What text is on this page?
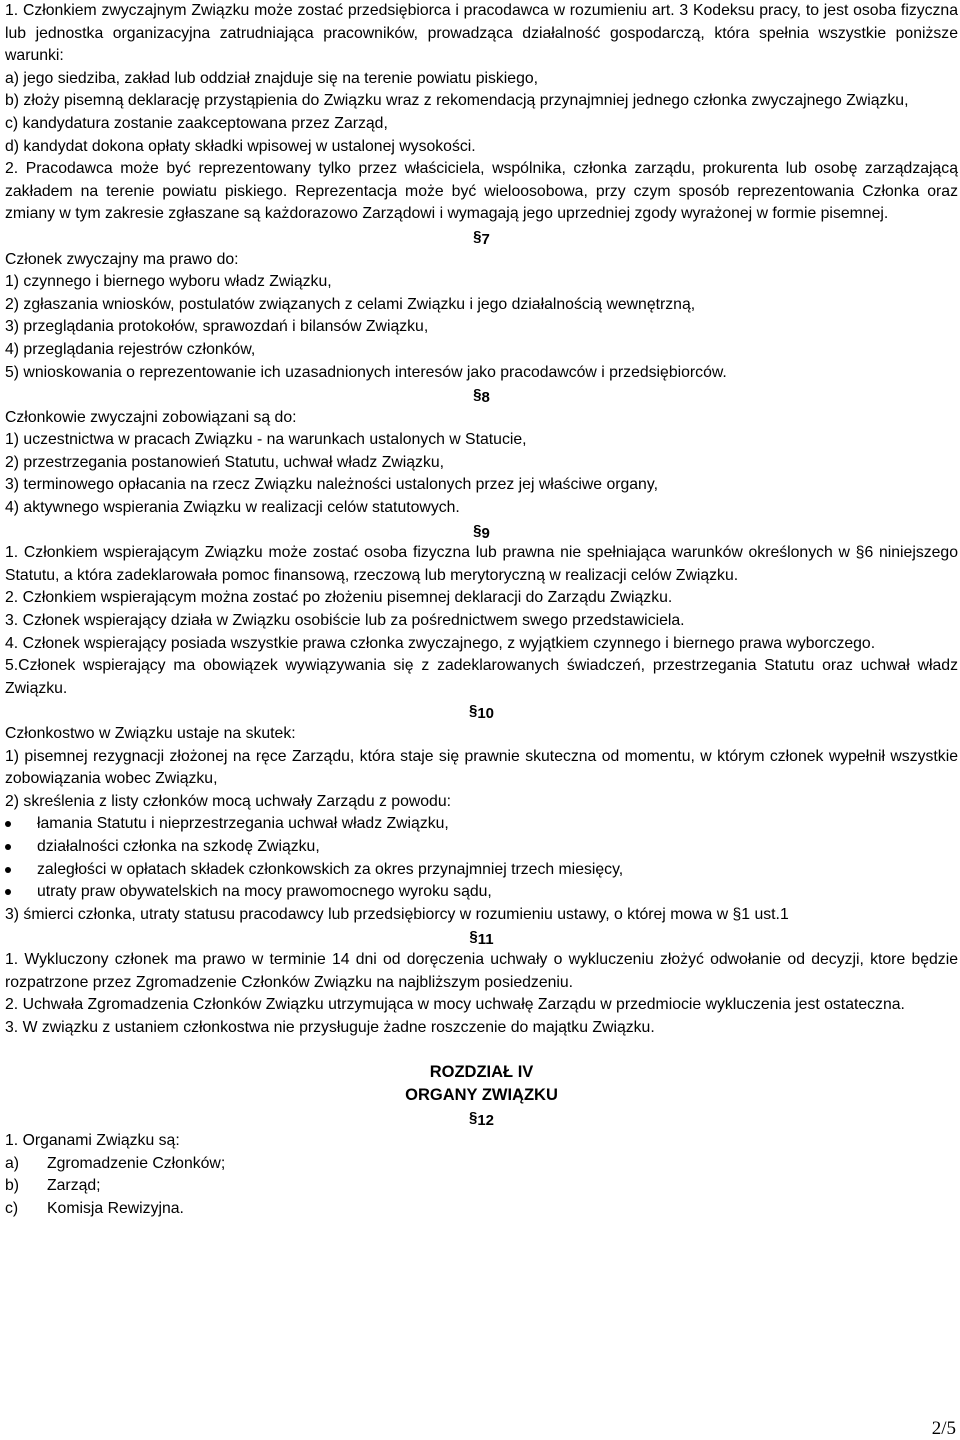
1. Członkiem zwyczajnym Związku może zostać przedsiębiorca i pracodawca w rozumieniu art. 3 Kodeksu pracy, to jest osoba fizyczna lub jednostka organizacyjna zatrudniająca pracowników, prowadząca działalność gospodarczą, która spełnia wszystkie poniższe warunki:

a) jego siedziba, zakład lub oddział znajduje się na terenie powiatu piskiego,

b) złoży pisemną deklarację przystąpienia do Związku wraz z rekomendacją przynajmniej jednego członka zwyczajnego Związku,

c) kandydatura zostanie zaakceptowana przez Zarząd,

d) kandydat dokona opłaty składki wpisowej w ustalonej wysokości.

2. Pracodawca może być reprezentowany tylko przez właściciela, wspólnika, członka zarządu, prokurenta lub osobę zarządzającą zakładem na terenie powiatu piskiego. Reprezentacja może być wieloosobowa, przy czym sposób reprezentowania Członka oraz zmiany w tym zakresie zgłaszane są każdorazowo Zarządowi i wymagają jego uprzedniej zgody wyrażonej w formie pisemnej.

§7

Członek zwyczajny ma prawo do:

1) czynnego i biernego wyboru władz Związku,

2) zgłaszania wniosków, postulatów związanych z celami Związku i jego działalnością wewnętrzną,

3) przeglądania protokołów, sprawozdań i bilansów Związku,

4) przeglądania rejestrów członków,

5) wnioskowania o reprezentowanie ich uzasadnionych interesów jako pracodawców i przedsiębiorców.

§8

Członkowie zwyczajni zobowiązani są do:

1) uczestnictwa w pracach Związku - na warunkach ustalonych w Statucie,

2) przestrzegania postanowień Statutu, uchwał władz Związku,

3) terminowego opłacania na rzecz Związku należności ustalonych przez jej właściwe organy,

4) aktywnego wspierania Związku w realizacji celów statutowych.

§9

1. Członkiem wspierającym Związku może zostać osoba fizyczna lub prawna nie spełniająca warunków określonych w §6 niniejszego Statutu, a która zadeklarowała pomoc finansową, rzeczową lub merytoryczną w realizacji celów Związku.

2. Członkiem wspierającym można zostać po złożeniu pisemnej deklaracji do Zarządu Związku.

3. Członek wspierający działa w Związku osobiście lub za pośrednictwem swego przedstawiciela.

4. Członek wspierający posiada wszystkie prawa członka zwyczajnego, z wyjątkiem czynnego i biernego prawa wyborczego.

5.Członek wspierający ma obowiązek wywiązywania się z zadeklarowanych świadczeń, przestrzegania Statutu oraz uchwał władz Związku.

§10

Członkostwo w Związku ustaje na skutek:

1) pisemnej rezygnacji złożonej na ręce Zarządu, która staje się prawnie skuteczna od momentu, w którym członek wypełnił wszystkie zobowiązania wobec Związku,

2) skreślenia z listy członków mocą uchwały Zarządu z powodu:

łamania Statutu i nieprzestrzegania uchwał władz Związku,
działalności członka na szkodę Związku,
zaległości w opłatach składek członkowskich za okres przynajmniej trzech miesięcy,
utraty praw obywatelskich na mocy prawomocnego wyroku sądu,

3) śmierci członka, utraty statusu pracodawcy lub przedsiębiorcy w rozumieniu ustawy, o której mowa w §1 ust.1

§11

1. Wykluczony członek ma prawo w terminie 14 dni od doręczenia uchwały o wykluczeniu złożyć odwołanie od decyzji, ktore będzie rozpatrzone przez Zgromadzenie Członków Związku na najbliższym posiedzeniu.

2. Uchwała Zgromadzenia Członków Związku utrzymująca w mocy uchwałę Zarządu w przedmiocie wykluczenia jest ostateczna.

3. W związku z ustaniem członkostwa nie przysługuje żadne roszczenie do majątku Związku.

ROZDZIAŁ IV

ORGANY ZWIĄZKU

§12

1. Organami Związku są:

a)	Zgromadzenie Członków;
b)	Zarząd;
c)	Komisja Rewizyjna.
2/5
